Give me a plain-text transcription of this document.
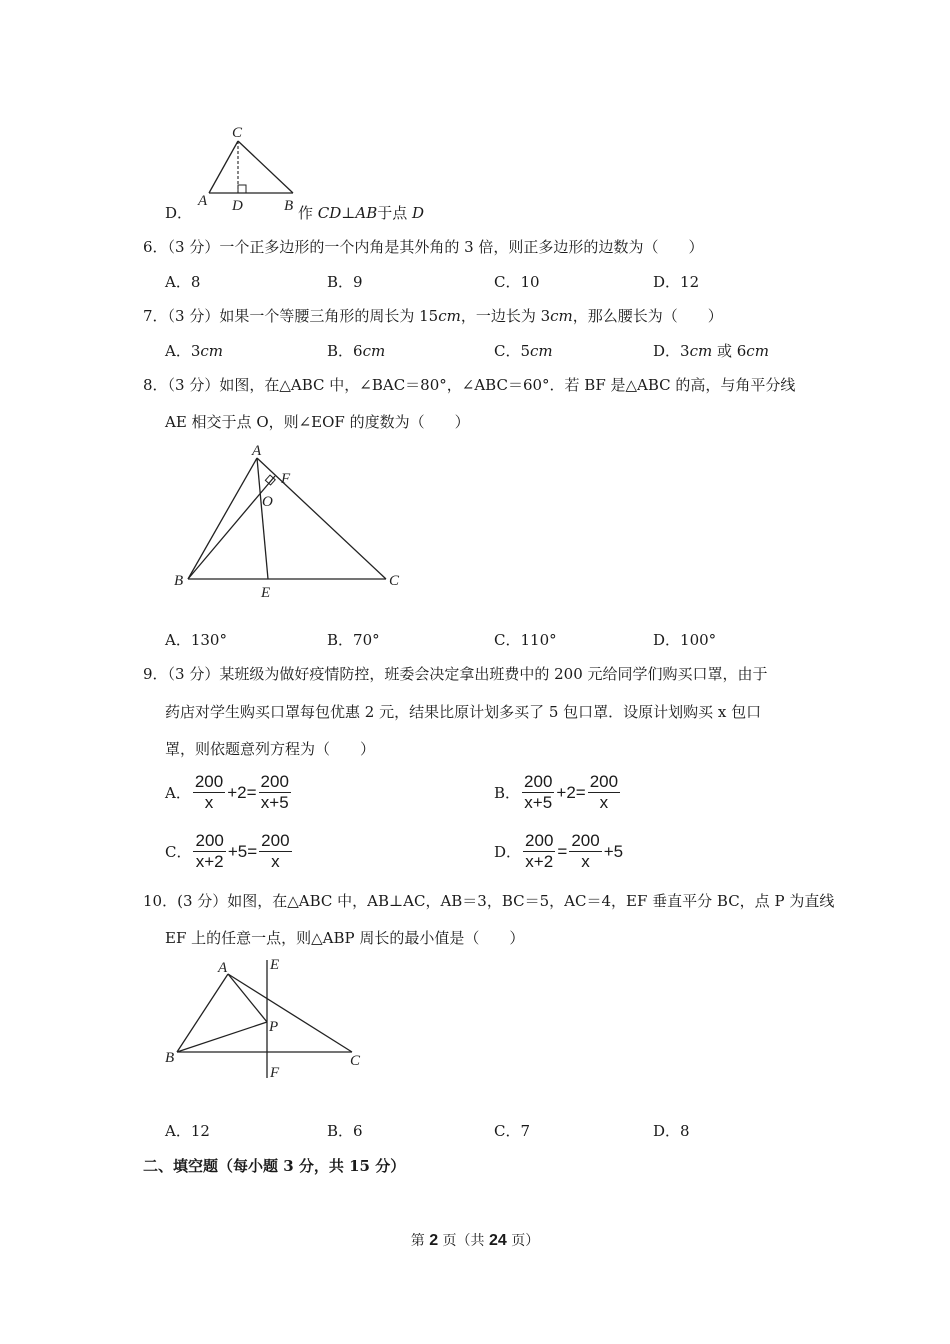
C
A D	B
D．	作 CD⊥AB于点 D
6．（3 分）一个正多边形的一个内角是其外角的 3 倍，则正多边形的边数为（　　）
A．8	B．9	C．10	D．12
7．（3 分）如果一个等腰三角形的周长为 15cm，一边长为 3cm，那么腰长为（　　）
A．3cm	B．6cm	C．5cm	D．3cm 或 6cm
8．（3 分）如图，在△ABC 中，∠BAC＝80°，∠ABC＝60°．若 BF 是△ABC 的高，与角平分线
AE 相交于点 O，则∠EOF 的度数为（　　）
A
F
O
B
E
C
A．130°	B．70°	C．110°	D．100°
9．（3 分）某班级为做好疫情防控，班委会决定拿出班费中的 200 元给同学们购买口罩，由于
药店对学生购买口罩每包优惠 2 元，结果比原计划多买了 5 包口罩．设原计划购买 x 包口
罩，则依题意列方程为（　　）
A． $\frac{200}{x} +2= \frac{200}{x+5}$	B． $\frac{200}{x+5} +2= \frac{200}{x}$
C． $\frac{200}{x+2} +5= \frac{200}{x}$	D． $\frac{200}{x+2} = \frac{200}{x} +5$
10．(3 分）如图，在△ABC 中，AB⊥AC，AB＝3，BC＝5，AC＝4，EF 垂直平分 BC，点 P 为直线
EF 上的任意一点，则△ABP 周长的最小值是（　　）
A	E
P
B	C
F
A．12	B．6	C．7	D．8
二、填空题（每小题 3 分，共 15 分）
第 2 页（共 24 页）
